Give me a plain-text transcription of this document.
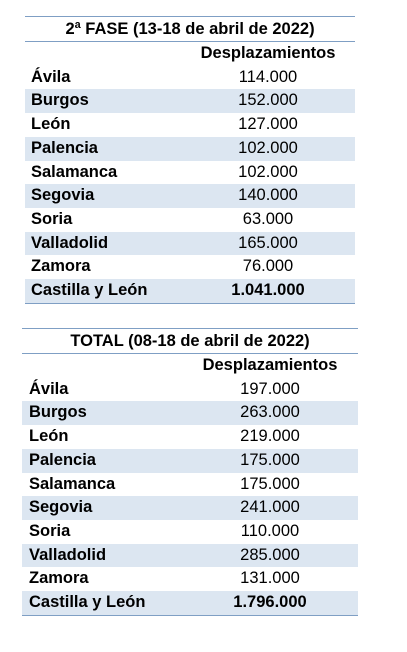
2ª FASE (13-18 de abril de 2022)	
	Desplazamientos
Ávila	114.000
Burgos	152.000
León	127.000
Palencia	102.000
Salamanca	102.000
Segovia	140.000
Soria	63.000
Valladolid	165.000
Zamora	76.000
Castilla y León	1.041.000
TOTAL (08-18 de abril de 2022)	
	Desplazamientos
Ávila	197.000
Burgos	263.000
León	219.000
Palencia	175.000
Salamanca	175.000
Segovia	241.000
Soria	110.000
Valladolid	285.000
Zamora	131.000
Castilla y León	1.796.000
